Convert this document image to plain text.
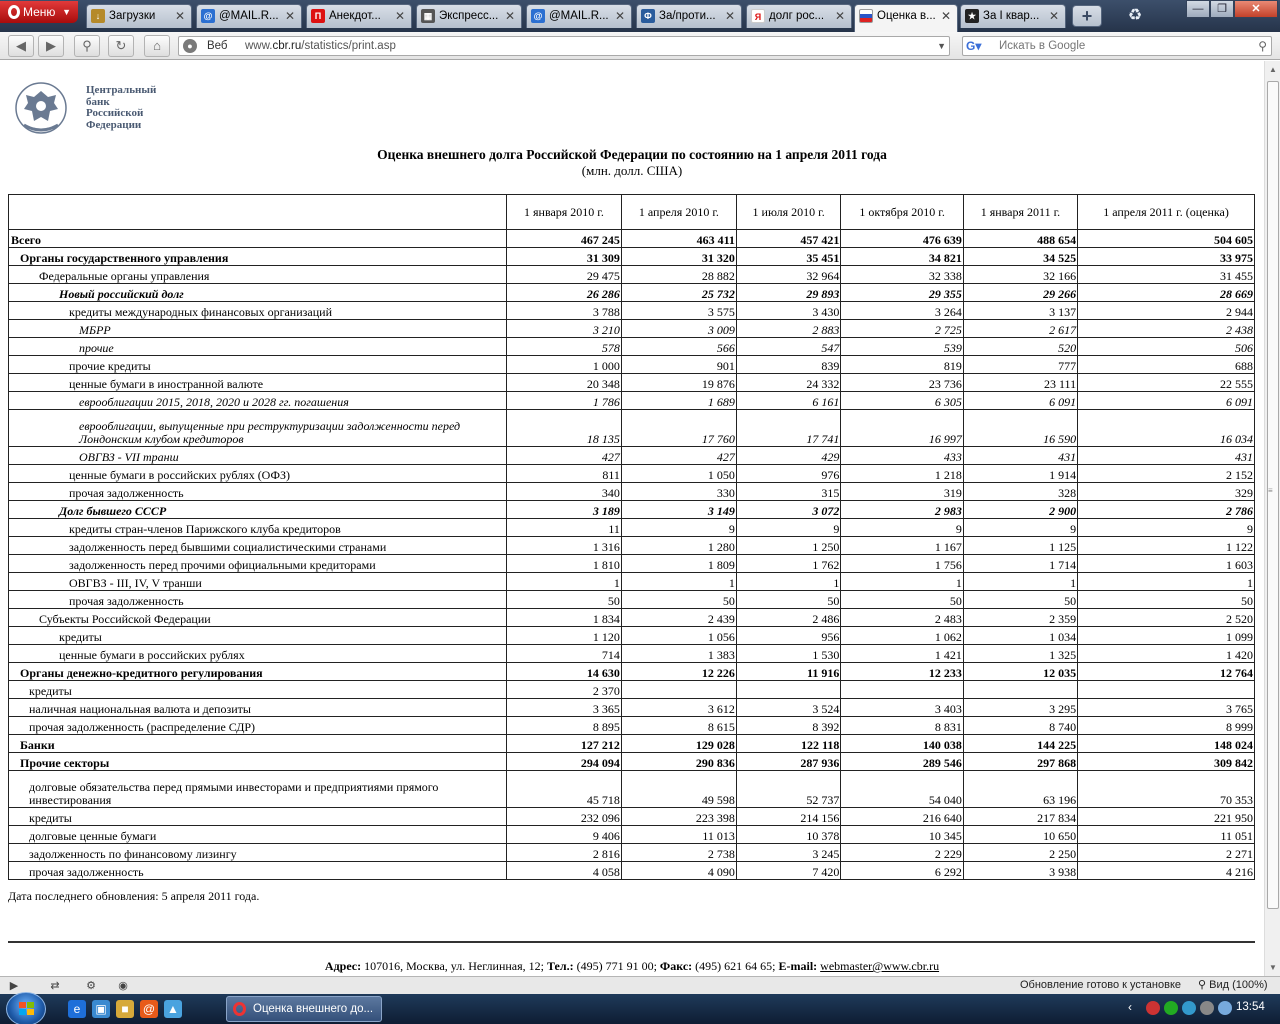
Меню ▼	↓ Загрузки ✕ @ @MAIL.R... ✕	П Анекдот... ✕	▦ Экспресс... ✕ @ @MAIL.R... ✕	Ф За/проти... ✕	Я долг рос... ✕	Оценка в... ✕	★ За I квар... ✕	+	♻	—	❐	✕
◀	▶	⚲	↻	⌂	●	Веб www.cbr.ru/statistics/print.asp	▼ G▾
Искать в Google	⚲
Центральный
банк
Российской
Федерации
Оценка внешнего долга Российской Федерации по состоянию на 1 апреля 2011 года
(млн. долл. США)
	1 января 2010 г.	1 апреля 2010 г.	1 июля 2010 г.	1 октября 2010 г.	1 января 2011 г.	1 апреля 2011 г. (оценка)
Всего	467 245	463 411	457 421	476 639	488 654	504 605
Органы государственного управления	31 309	31 320	35 451	34 821	34 525	33 975
Федеральные органы управления	29 475	28 882	32 964	32 338	32 166	31 455
Новый российский долг	26 286	25 732	29 893	29 355	29 266	28 669
кредиты международных финансовых организаций	3 788	3 575	3 430	3 264	3 137	2 944
МБРР	3 210	3 009	2 883	2 725	2 617	2 438
прочие	578	566	547	539	520	506
прочие кредиты	1 000	901	839	819	777	688
ценные бумаги в иностранной валюте	20 348	19 876	24 332	23 736	23 111	22 555
еврооблигации 2015, 2018, 2020 и 2028 гг. погашения	1 786	1 689	6 161	6 305	6 091	6 091
еврооблигации, выпущенные при реструктуризации задолженности перед Лондонским клубом кредиторов	18 135	17 760	17 741	16 997	16 590	16 034
ОВГВЗ - VII транш	427	427	429	433	431	431
ценные бумаги в российских рублях (ОФЗ)	811	1 050	976	1 218	1 914	2 152
прочая задолженность	340	330	315	319	328	329
Долг бывшего СССР	3 189	3 149	3 072	2 983	2 900	2 786
кредиты стран-членов Парижского клуба кредиторов	11	9	9	9	9	9
задолженность перед бывшими социалистическими странами	1 316	1 280	1 250	1 167	1 125	1 122
задолженность перед прочими официальными кредиторами	1 810	1 809	1 762	1 756	1 714	1 603
ОВГВЗ - III, IV, V транши	1	1	1	1	1	1
прочая задолженность	50	50	50	50	50	50
Субъекты Российской Федерации	1 834	2 439	2 486	2 483	2 359	2 520
кредиты	1 120	1 056	956	1 062	1 034	1 099
ценные бумаги в российских рублях	714	1 383	1 530	1 421	1 325	1 420
Органы денежно-кредитного регулирования	14 630	12 226	11 916	12 233	12 035	12 764
кредиты	2 370					
наличная национальная валюта и депозиты	3 365	3 612	3 524	3 403	3 295	3 765
прочая задолженность (распределение СДР)	8 895	8 615	8 392	8 831	8 740	8 999
Банки	127 212	129 028	122 118	140 038	144 225	148 024
Прочие секторы	294 094	290 836	287 936	289 546	297 868	309 842
долговые обязательства перед прямыми инвесторами и предприятиями прямого инвестирования	45 718	49 598	52 737	54 040	63 196	70 353
кредиты	232 096	223 398	214 156	216 640	217 834	221 950
долговые ценные бумаги	9 406	11 013	10 378	10 345	10 650	11 051
задолженность по финансовому лизингу	2 816	2 738	3 245	2 229	2 250	2 271
прочая задолженность	4 058	4 090	7 420	6 292	3 938	4 216
Дата последнего обновления: 5 апреля 2011 года.
Адрес: 107016, Москва, ул. Неглинная, 12; Тел.: (495) 771 91 00; Факс: (495) 621 64 65; E-mail: webmaster@www.cbr.ru
▲
≡
▼
▶	⇄	⚙	◉	Обновление готово к установке ⚲ Вид (100%)
e	▣	■	@ ▲	Оценка внешнего до...	‹	13:54
